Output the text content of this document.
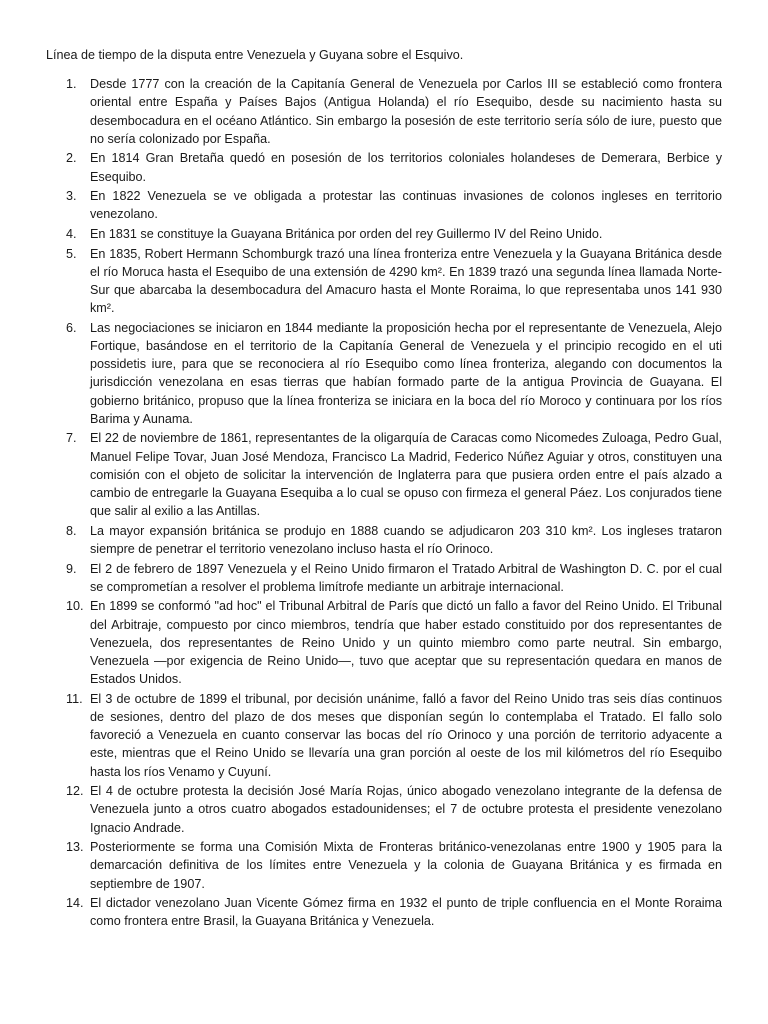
Línea de tiempo de la disputa entre Venezuela y Guyana sobre el Esquivo.

1. Desde 1777 con la creación de la Capitanía General de Venezuela por Carlos III se estableció como frontera oriental entre España y Países Bajos (Antigua Holanda) el río Esequibo, desde su nacimiento hasta su desembocadura en el océano Atlántico. Sin embargo la posesión de este territorio sería sólo de iure, puesto que no sería colonizado por España.
2. En 1814 Gran Bretaña quedó en posesión de los territorios coloniales holandeses de Demerara, Berbice y Esequibo.
3. En 1822 Venezuela se ve obligada a protestar las continuas invasiones de colonos ingleses en territorio venezolano.
4. En 1831 se constituye la Guayana Británica por orden del rey Guillermo IV del Reino Unido.
5. En 1835, Robert Hermann Schomburgk trazó una línea fronteriza entre Venezuela y la Guayana Británica desde el río Moruca hasta el Esequibo de una extensión de 4290 km². En 1839 trazó una segunda línea llamada Norte-Sur que abarcaba la desembocadura del Amacuro hasta el Monte Roraima, lo que representaba unos 141 930 km².
6. Las negociaciones se iniciaron en 1844 mediante la proposición hecha por el representante de Venezuela, Alejo Fortique, basándose en el territorio de la Capitanía General de Venezuela y el principio recogido en el uti possidetis iure, para que se reconociera al río Esequibo como línea fronteriza, alegando con documentos la jurisdicción venezolana en esas tierras que habían formado parte de la antigua Provincia de Guayana. El gobierno británico, propuso que la línea fronteriza se iniciara en la boca del río Moroco y continuara por los ríos Barima y Aunama.
7. El 22 de noviembre de 1861, representantes de la oligarquía de Caracas como Nicomedes Zuloaga, Pedro Gual, Manuel Felipe Tovar, Juan José Mendoza, Francisco La Madrid, Federico Núñez Aguiar y otros, constituyen una comisión con el objeto de solicitar la intervención de Inglaterra para que pusiera orden entre el país alzado a cambio de entregarle la Guayana Esequiba a lo cual se opuso con firmeza el general Páez. Los conjurados tiene que salir al exilio a las Antillas.
8. La mayor expansión británica se produjo en 1888 cuando se adjudicaron 203 310 km². Los ingleses trataron siempre de penetrar el territorio venezolano incluso hasta el río Orinoco.
9. El 2 de febrero de 1897 Venezuela y el Reino Unido firmaron el Tratado Arbitral de Washington D. C. por el cual se comprometían a resolver el problema limítrofe mediante un arbitraje internacional.
10. En 1899 se conformó "ad hoc" el Tribunal Arbitral de París que dictó un fallo a favor del Reino Unido. El Tribunal del Arbitraje, compuesto por cinco miembros, tendría que haber estado constituido por dos representantes de Venezuela, dos representantes de Reino Unido y un quinto miembro como parte neutral. Sin embargo, Venezuela —por exigencia de Reino Unido—, tuvo que aceptar que su representación quedara en manos de Estados Unidos.
11. El 3 de octubre de 1899 el tribunal, por decisión unánime, falló a favor del Reino Unido tras seis días continuos de sesiones, dentro del plazo de dos meses que disponían según lo contemplaba el Tratado. El fallo solo favoreció a Venezuela en cuanto conservar las bocas del río Orinoco y una porción de territorio adyacente a este, mientras que el Reino Unido se llevaría una gran porción al oeste de los mil kilómetros del río Esequibo hasta los ríos Venamo y Cuyuní.
12. El 4 de octubre protesta la decisión José María Rojas, único abogado venezolano integrante de la defensa de Venezuela junto a otros cuatro abogados estadounidenses; el 7 de octubre protesta el presidente venezolano Ignacio Andrade.
13. Posteriormente se forma una Comisión Mixta de Fronteras británico-venezolanas entre 1900 y 1905 para la demarcación definitiva de los límites entre Venezuela y la colonia de Guayana Británica y es firmada en septiembre de 1907.
14. El dictador venezolano Juan Vicente Gómez firma en 1932 el punto de triple confluencia en el Monte Roraima como frontera entre Brasil, la Guayana Británica y Venezuela.
